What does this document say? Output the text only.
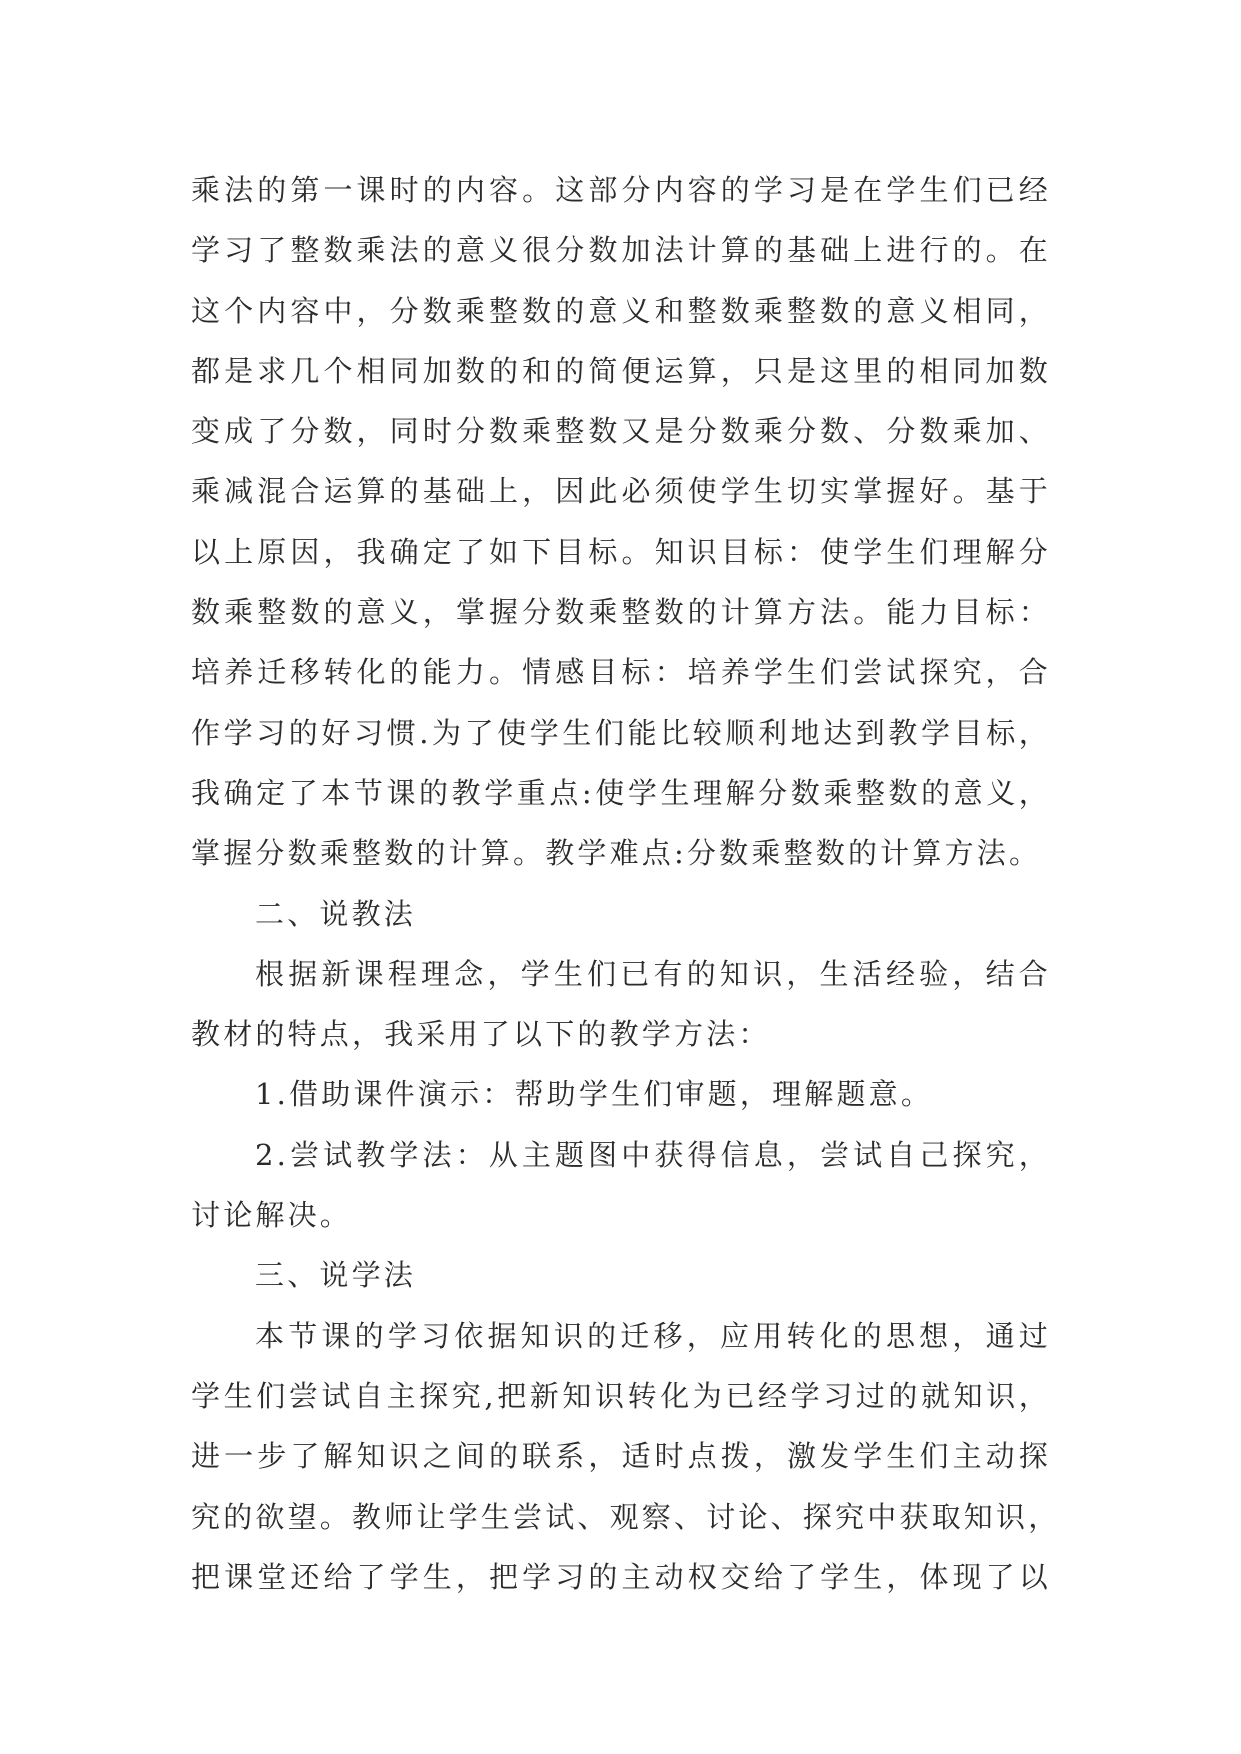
乘法的第一课时的内容。这部分内容的学习是在学生们已经
学习了整数乘法的意义很分数加法计算的基础上进行的。在
这个内容中，分数乘整数的意义和整数乘整数的意义相同，
都是求几个相同加数的和的简便运算，只是这里的相同加数
变成了分数，同时分数乘整数又是分数乘分数、分数乘加、
乘减混合运算的基础上，因此必须使学生切实掌握好。基于
以上原因，我确定了如下目标。知识目标：使学生们理解分
数乘整数的意义，掌握分数乘整数的计算方法。能力目标：
培养迁移转化的能力。情感目标：培养学生们尝试探究，合
作学习的好习惯.为了使学生们能比较顺利地达到教学目标，
我确定了本节课的教学重点:使学生理解分数乘整数的意义，
掌握分数乘整数的计算。教学难点:分数乘整数的计算方法。
二、说教法
根据新课程理念，学生们已有的知识，生活经验，结合
教材的特点，我采用了以下的教学方法：
1.借助课件演示：帮助学生们审题，理解题意。
2.尝试教学法：从主题图中获得信息，尝试自己探究，
讨论解决。
三、说学法
本节课的学习依据知识的迁移，应用转化的思想，通过
学生们尝试自主探究,把新知识转化为已经学习过的就知识，
进一步了解知识之间的联系，适时点拨，激发学生们主动探
究的欲望。教师让学生尝试、观察、讨论、探究中获取知识，
把课堂还给了学生，把学习的主动权交给了学生，体现了以
